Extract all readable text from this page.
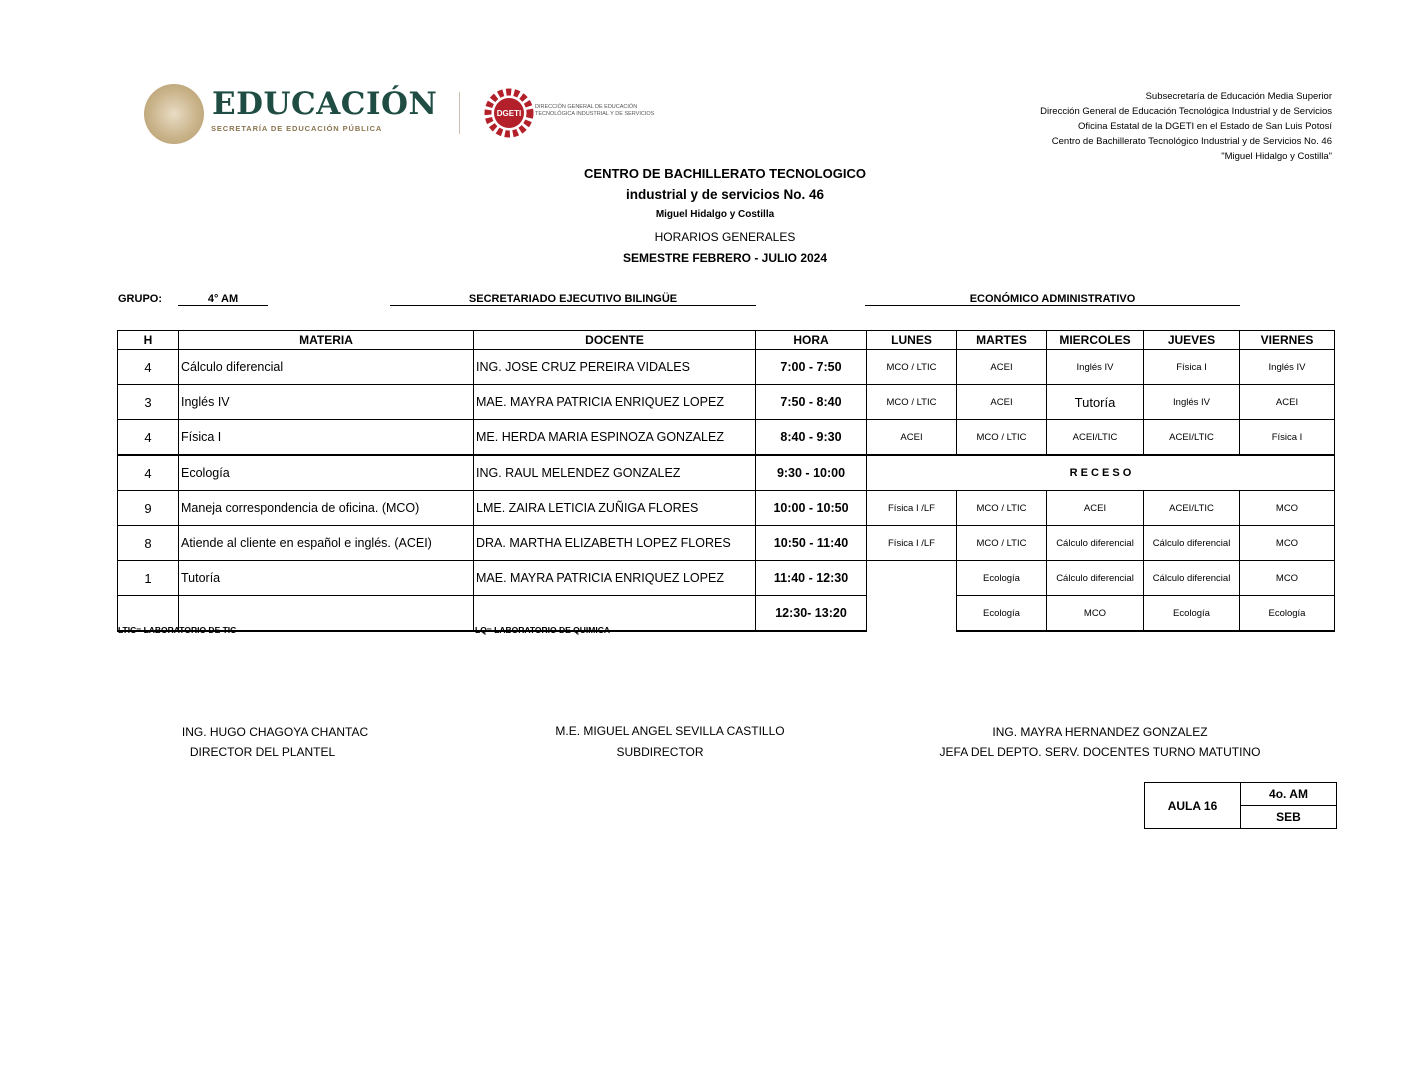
EDUCACIÓN
SECRETARÍA DE EDUCACIÓN PÚBLICA
DGETI
DIRECCIÓN GENERAL DE EDUCACIÓN
TECNOLÓGICA INDUSTRIAL Y DE SERVICIOS
Subsecretaría de Educación Media Superior
Dirección General de Educación Tecnológica Industrial y de Servicios
Oficina Estatal de la DGETI en el Estado de San Luis Potosí
Centro de Bachillerato Tecnológico Industrial y de Servicios No. 46
"Miguel Hidalgo y Costilla"
CENTRO DE BACHILLERATO TECNOLOGICO
industrial y de servicios No. 46
Miguel Hidalgo y Costilla
HORARIOS GENERALES
SEMESTRE FEBRERO - JULIO 2024
GRUPO:	4° AM	SECRETARIADO EJECUTIVO BILINGÜE	ECONÓMICO ADMINISTRATIVO
H	MATERIA	DOCENTE	HORA	LUNES	MARTES	MIERCOLES	JUEVES	VIERNES
4	Cálculo diferencial	ING. JOSE CRUZ PEREIRA VIDALES	7:00 - 7:50	MCO / LTIC	ACEI	Inglés IV	Física I	Inglés IV
3	Inglés IV	MAE. MAYRA PATRICIA ENRIQUEZ LOPEZ	7:50 - 8:40	MCO / LTIC	ACEI	Tutoría	Inglés IV	ACEI
4	Física I	ME. HERDA MARIA ESPINOZA GONZALEZ	8:40 - 9:30	ACEI	MCO / LTIC	ACEI/LTIC	ACEI/LTIC	Física I
4	Ecología	ING. RAUL MELENDEZ GONZALEZ	9:30 - 10:00	R E C E S O				
9	Maneja correspondencia de oficina. (MCO)	LME. ZAIRA LETICIA ZUÑIGA FLORES	10:00 - 10:50	Física I /LF	MCO / LTIC	ACEI	ACEI/LTIC	MCO
8	Atiende al cliente en español e inglés. (ACEI)	DRA. MARTHA ELIZABETH LOPEZ FLORES	10:50 - 11:40	Física I /LF	MCO / LTIC	Cálculo diferencial	Cálculo diferencial	MCO
1	Tutoría	MAE. MAYRA PATRICIA ENRIQUEZ LOPEZ	11:40 - 12:30		Ecología	Cálculo diferencial	Cálculo diferencial	MCO
			12:30- 13:20		Ecología	MCO	Ecología	Ecología
LTIC= LABORATORIO DE TIC	LQ= LABORATORIO DE QUIMICA
ING. HUGO CHAGOYA CHANTAC
DIRECTOR DEL PLANTEL
M.E. MIGUEL ANGEL SEVILLA CASTILLO
SUBDIRECTOR
ING. MAYRA HERNANDEZ GONZALEZ
JEFA DEL DEPTO. SERV. DOCENTES TURNO MATUTINO
AULA 16	4o. AM
SEB
